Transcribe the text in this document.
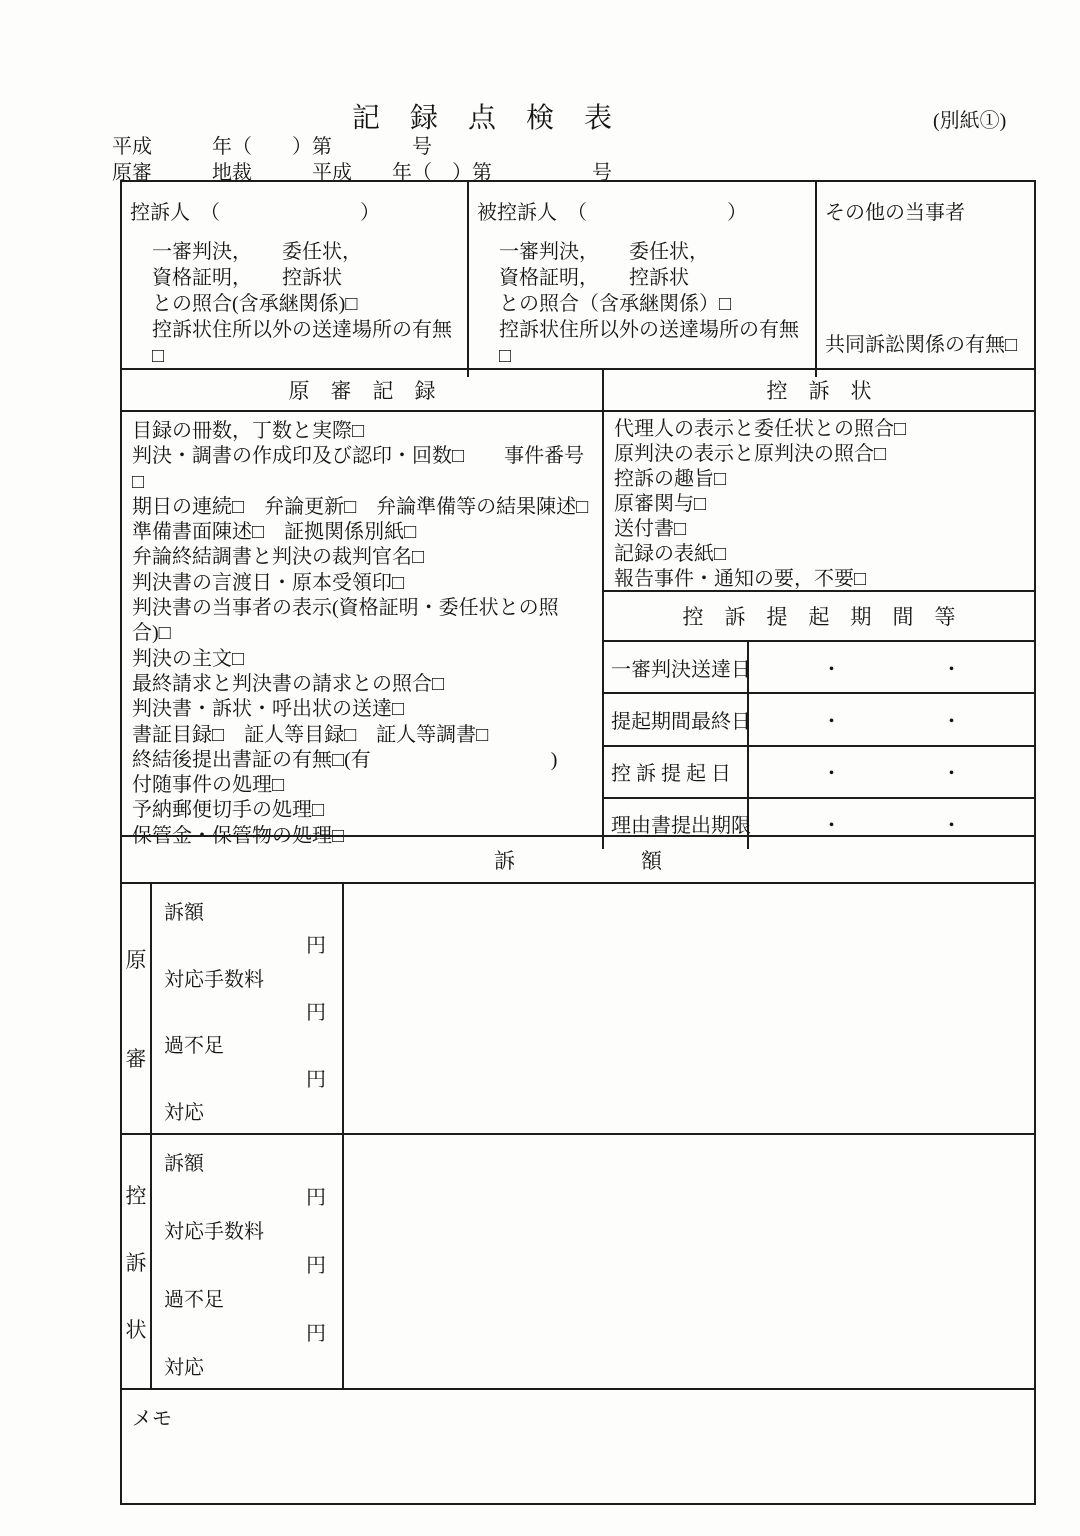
記　録　点　検　表	(別紙①)
平成　　　年（　　）第　　　　号
原審　　　地裁　　　平成　　年（　）第　　　　　号
控訴人　（　　　　　　　）
一審判決，　　委任状，
資格証明，　　控訴状
との照合(含承継関係)□
控訴状住所以外の送達場所の有無□
被控訴人　（　　　　　　　）
一審判決，　　委任状，
資格証明，　　控訴状
との照合（含承継関係）□
控訴状住所以外の送達場所の有無□
その他の当事者
共同訴訟関係の有無□
原　審　記　録
目録の冊数，丁数と実際□
判決・調書の作成印及び認印・回数□　　事件番号□
期日の連続□　弁論更新□　弁論準備等の結果陳述□
準備書面陳述□　証拠関係別紙□
弁論終結調書と判決の裁判官名□
判決書の言渡日・原本受領印□
判決書の当事者の表示(資格証明・委任状との照合)□
判決の主文□
最終請求と判決書の請求との照合□
判決書・訴状・呼出状の送達□
書証目録□　証人等目録□　証人等調書□
終結後提出書証の有無□(有　　　　　　　　　)
付随事件の処理□
予納郵便切手の処理□
保管金・保管物の処理□
控　訴　状
代理人の表示と委任状との照合□
原判決の表示と原判決の照合□
控訴の趣旨□
原審関与□
送付書□
記録の表紙□
報告事件・通知の要，不要□
控　訴　提　起　期　間　等
一審判決送達日	・　　　　　・
提起期間最終日	・　　　　　・
控 訴 提 起 日	・　　　　　・
理由書提出期限	・　　　　　・
訴　　　　　　額
原
審
訴額
円
対応手数料
円
過不足
円
対応
控
訴
状
訴額
円
対応手数料
円
過不足
円
対応
メモ
